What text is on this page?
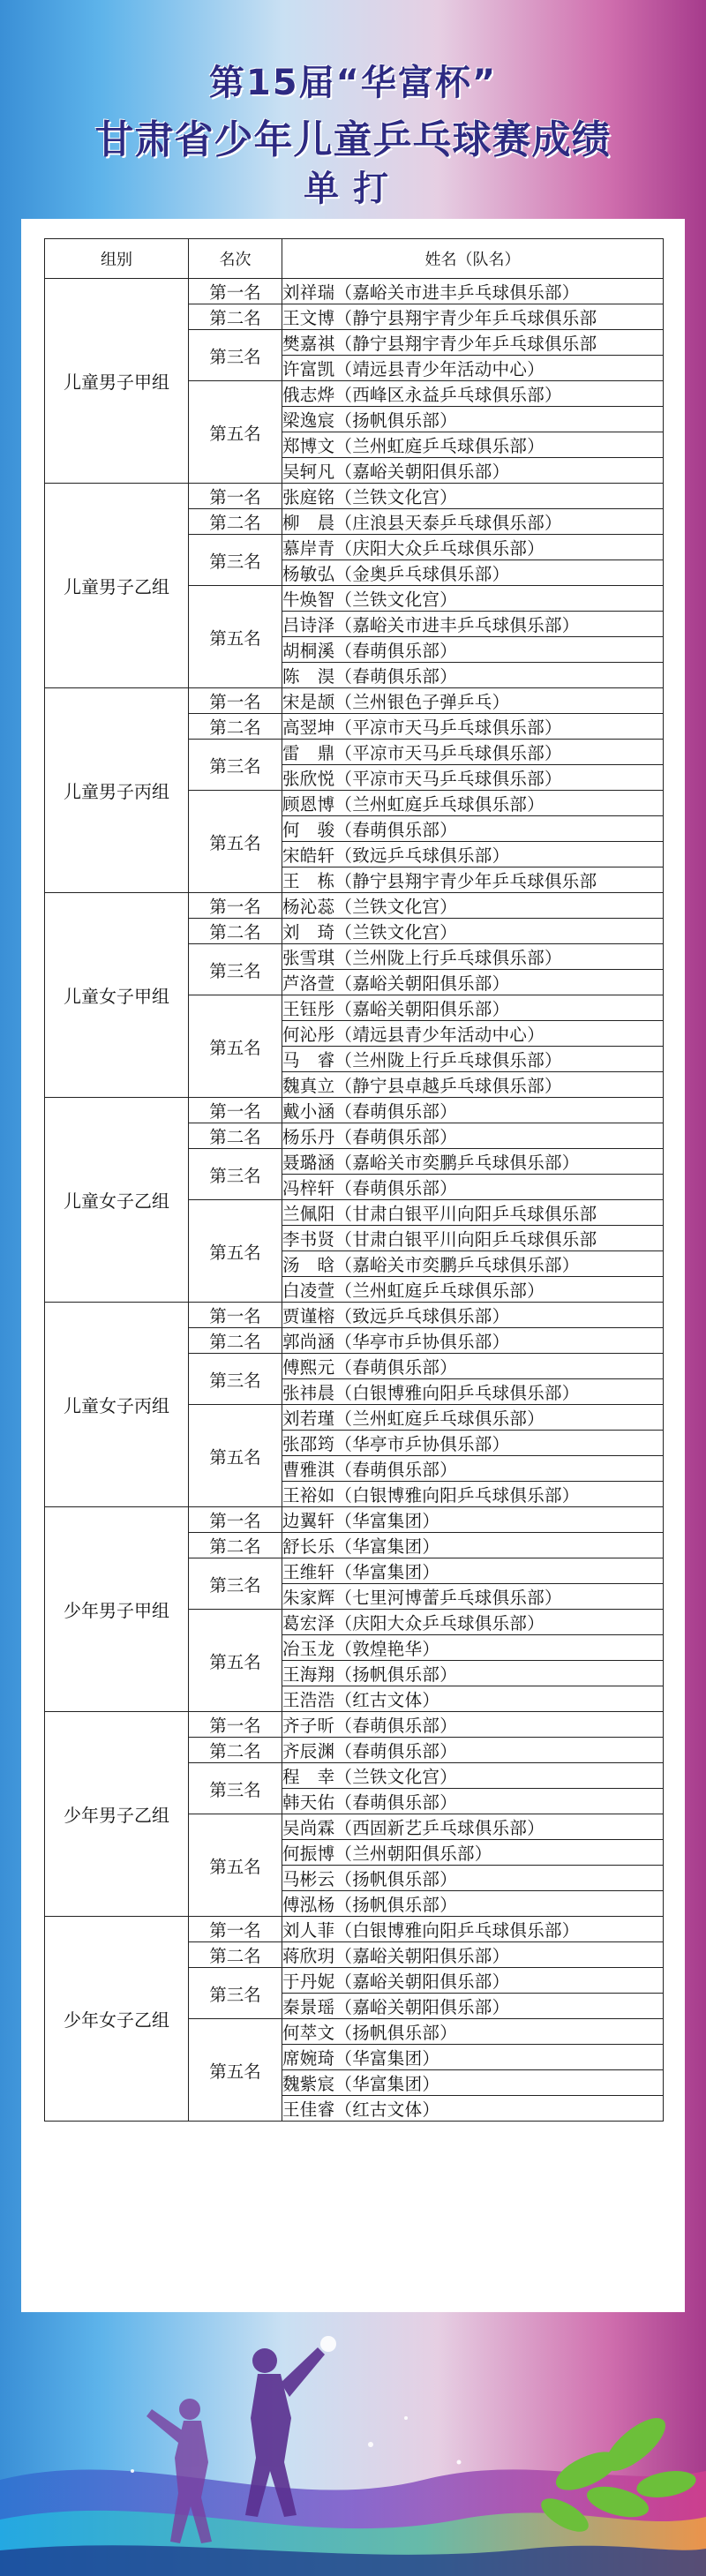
第15届“华富杯”
甘肃省少年儿童乒乓球赛成绩
单打
组别	名次	姓名（队名）
儿童男子甲组	第一名	刘祥瑞（嘉峪关市进丰乒乓球俱乐部）
	第二名	王文博（静宁县翔宇青少年乒乓球俱乐部
	第三名	樊嘉祺（静宁县翔宇青少年乒乓球俱乐部
		许富凯（靖远县青少年活动中心）
	第五名	俄志烨（西峰区永益乒乓球俱乐部）
		梁逸宸（扬帆俱乐部）
		郑博文（兰州虹庭乒乓球俱乐部）
		吴轲凡（嘉峪关朝阳俱乐部）
儿童男子乙组	第一名	张庭铭（兰铁文化宫）
	第二名	柳　晨（庄浪县天泰乒乓球俱乐部）
	第三名	慕岸青（庆阳大众乒乓球俱乐部）
		杨敏弘（金奥乒乓球俱乐部）
	第五名	牛焕智（兰铁文化宫）
		吕诗泽（嘉峪关市进丰乒乓球俱乐部）
		胡桐溪（春萌俱乐部）
		陈　淏（春萌俱乐部）
儿童男子丙组	第一名	宋是颉（兰州银色子弹乒乓）
	第二名	高翌坤（平凉市天马乒乓球俱乐部）
	第三名	雷　鼎（平凉市天马乒乓球俱乐部）
		张欣悦（平凉市天马乒乓球俱乐部）
	第五名	顾恩博（兰州虹庭乒乓球俱乐部）
		何　骏（春萌俱乐部）
		宋皓轩（致远乒乓球俱乐部）
		王　栋（静宁县翔宇青少年乒乓球俱乐部
儿童女子甲组	第一名	杨沁蕊（兰铁文化宫）
	第二名	刘　琦（兰铁文化宫）
	第三名	张雪琪（兰州陇上行乒乓球俱乐部）
		芦洛萱（嘉峪关朝阳俱乐部）
	第五名	王钰彤（嘉峪关朝阳俱乐部）
		何沁彤（靖远县青少年活动中心）
		马　睿（兰州陇上行乒乓球俱乐部）
		魏真立（静宁县卓越乒乓球俱乐部）
儿童女子乙组	第一名	戴小涵（春萌俱乐部）
	第二名	杨乐丹（春萌俱乐部）
	第三名	聂璐涵（嘉峪关市奕鹏乒乓球俱乐部）
		冯梓轩（春萌俱乐部）
	第五名	兰佩阳（甘肃白银平川向阳乒乓球俱乐部
		李书贤（甘肃白银平川向阳乒乓球俱乐部
		汤　晗（嘉峪关市奕鹏乒乓球俱乐部）
		白凌萱（兰州虹庭乒乓球俱乐部）
儿童女子丙组	第一名	贾谨榕（致远乒乓球俱乐部）
	第二名	郭尚涵（华亭市乒协俱乐部）
	第三名	傅熙元（春萌俱乐部）
		张祎晨（白银博雅向阳乒乓球俱乐部）
	第五名	刘若瑾（兰州虹庭乒乓球俱乐部）
		张邵筠（华亭市乒协俱乐部）
		曹雅淇（春萌俱乐部）
		王裕如（白银博雅向阳乒乓球俱乐部）
少年男子甲组	第一名	边翼轩（华富集团）
	第二名	舒长乐（华富集团）
	第三名	王维轩（华富集团）
		朱家辉（七里河博蕾乒乓球俱乐部）
	第五名	葛宏泽（庆阳大众乒乓球俱乐部）
		冶玉龙（敦煌艳华）
		王海翔（扬帆俱乐部）
		王浩浩（红古文体）
少年男子乙组	第一名	齐子昕（春萌俱乐部）
	第二名	齐辰渊（春萌俱乐部）
	第三名	程　幸（兰铁文化宫）
		韩天佑（春萌俱乐部）
	第五名	吴尚霖（西固新艺乒乓球俱乐部）
		何振博（兰州朝阳俱乐部）
		马彬云（扬帆俱乐部）
		傅泓杨（扬帆俱乐部）
少年女子乙组	第一名	刘人菲（白银博雅向阳乒乓球俱乐部）
	第二名	蒋欣玥（嘉峪关朝阳俱乐部）
	第三名	于丹妮（嘉峪关朝阳俱乐部）
		秦景瑶（嘉峪关朝阳俱乐部）
	第五名	何萃文（扬帆俱乐部）
		席婉琦（华富集团）
		魏紫宸（华富集团）
		王佳睿（红古文体）
